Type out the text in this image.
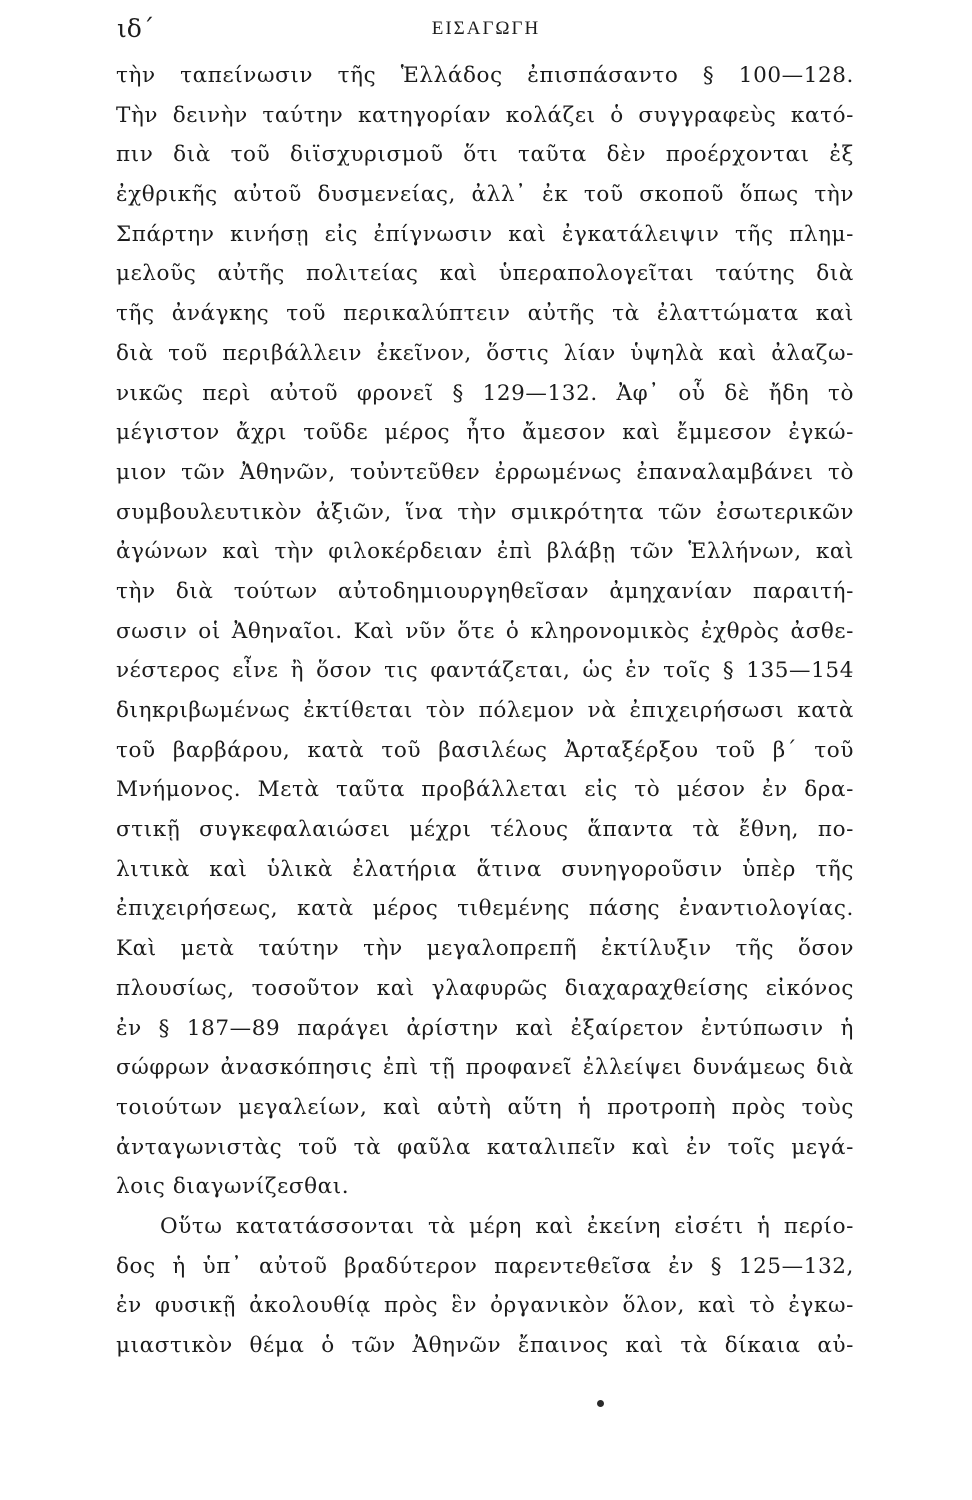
ιδ΄	ΕΙΣΑΓΩΓΗ
τὴν ταπείνωσιν τῆς Ἑλλάδος ἐπισπάσαντο § 100—128.
Τὴν δεινὴν ταύτην κατηγορίαν κολάζει ὁ συγγραφεὺς κατό-
πιν διὰ τοῦ διϊσχυρισμοῦ ὅτι ταῦτα δὲν προέρχονται ἐξ
ἐχθρικῆς αὐτοῦ δυσμενείας, ἀλλ᾽ ἐκ τοῦ σκοποῦ ὅπως τὴν
Σπάρτην κινήσῃ εἰς ἐπίγνωσιν καὶ ἐγκατάλειψιν τῆς πλημ-
μελοῦς αὐτῆς πολιτείας καὶ ὑπεραπολογεῖται ταύτης διὰ
τῆς ἀνάγκης τοῦ περικαλύπτειν αὐτῆς τὰ ἐλαττώματα καὶ
διὰ τοῦ περιβάλλειν ἐκεῖνον, ὅστις λίαν ὑψηλὰ καὶ ἀλαζω-
νικῶς περὶ αὐτοῦ φρονεῖ § 129—132. Ἀφ᾽ οὗ δὲ ἤδη τὸ
μέγιστον ἄχρι τοῦδε μέρος ἦτο ἄμεσον καὶ ἔμμεσον ἐγκώ-
μιον τῶν Ἀθηνῶν, τοὐντεῦθεν ἐρρωμένως ἐπαναλαμβάνει τὸ
συμβουλευτικὸν ἀξιῶν, ἵνα τὴν σμικρότητα τῶν ἐσωτερικῶν
ἀγώνων καὶ τὴν φιλοκέρδειαν ἐπὶ βλάβῃ τῶν Ἑλλήνων, καὶ
τὴν διὰ τούτων αὐτοδημιουργηθεῖσαν ἀμηχανίαν παραιτή-
σωσιν οἱ Ἀθηναῖοι. Καὶ νῦν ὅτε ὁ κληρονομικὸς ἐχθρὸς ἀσθε-
νέστερος εἶνε ἢ ὅσον τις φαντάζεται, ὡς ἐν τοῖς § 135—154
διηκριβωμένως ἐκτίθεται τὸν πόλεμον νὰ ἐπιχειρήσωσι κατὰ
τοῦ βαρβάρου, κατὰ τοῦ βασιλέως Ἀρταξέρξου τοῦ β΄ τοῦ
Μνήμονος. Μετὰ ταῦτα προβάλλεται εἰς τὸ μέσον ἐν δρα-
στικῇ συγκεφαλαιώσει μέχρι τέλους ἅπαντα τὰ ἔθνη, πο-
λιτικὰ καὶ ὑλικὰ ἐλατήρια ἅτινα συνηγοροῦσιν ὑπὲρ τῆς
ἐπιχειρήσεως, κατὰ μέρος τιθεμένης πάσης ἐναντιολογίας.
Καὶ μετὰ ταύτην τὴν μεγαλοπρεπῆ ἐκτίλυξιν τῆς ὅσον
πλουσίως, τοσοῦτον καὶ γλαφυρῶς διαχαραχθείσης εἰκόνος
ἐν § 187—89 παράγει ἀρίστην καὶ ἐξαίρετον ἐντύπωσιν ἡ
σώφρων ἀνασκόπησις ἐπὶ τῇ προφανεῖ ἐλλείψει δυνάμεως διὰ
τοιούτων μεγαλείων, καὶ αὐτὴ αὕτη ἡ προτροπὴ πρὸς τοὺς
ἀνταγωνιστὰς τοῦ τὰ φαῦλα καταλιπεῖν καὶ ἐν τοῖς μεγά-
λοις διαγωνίζεσθαι.
Οὕτω κατατάσσονται τὰ μέρη καὶ ἐκείνη εἰσέτι ἡ περίο-
δος ἡ ὑπ᾽ αὐτοῦ βραδύτερον παρεντεθεῖσα ἐν § 125—132,
ἐν φυσικῇ ἀκολουθίᾳ πρὸς ἓν ὀργανικὸν ὅλον, καὶ τὸ ἐγκω-
μιαστικὸν θέμα ὁ τῶν Ἀθηνῶν ἔπαινος καὶ τὰ δίκαια αὐ-
